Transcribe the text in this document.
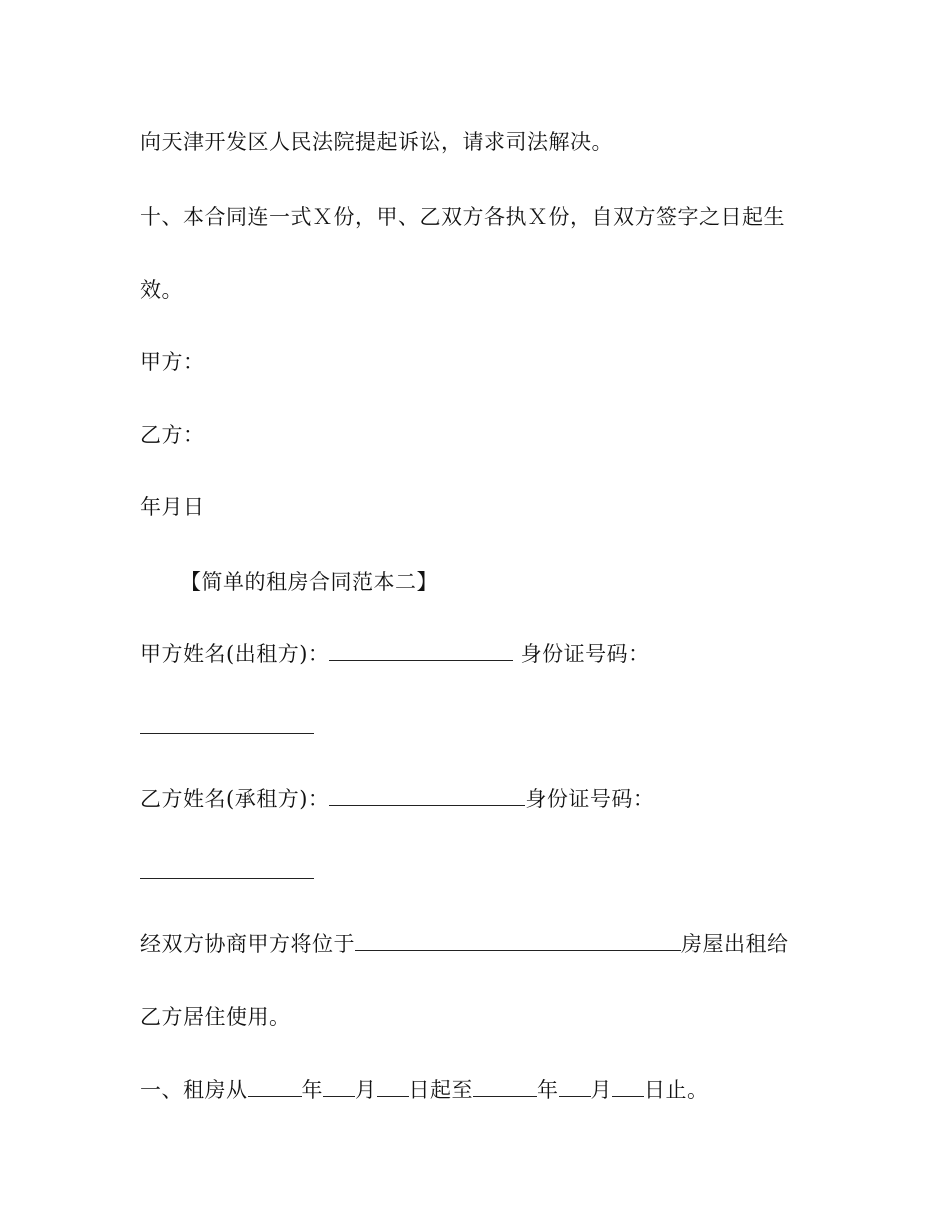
向天津开发区人民法院提起诉讼，请求司法解决。
十、本合同连一式Ｘ份，甲、乙双方各执Ｘ份，自双方签字之日起生
效。
甲方：
乙方：
年月日
【简单的租房合同范本二】
甲方姓名(出租方)：	身份证号码：
乙方姓名(承租方)：	身份证号码：
经双方协商甲方将位于	房屋出租给
乙方居住使用。
一、租房从	年 月 日起至	年 月 日止。
